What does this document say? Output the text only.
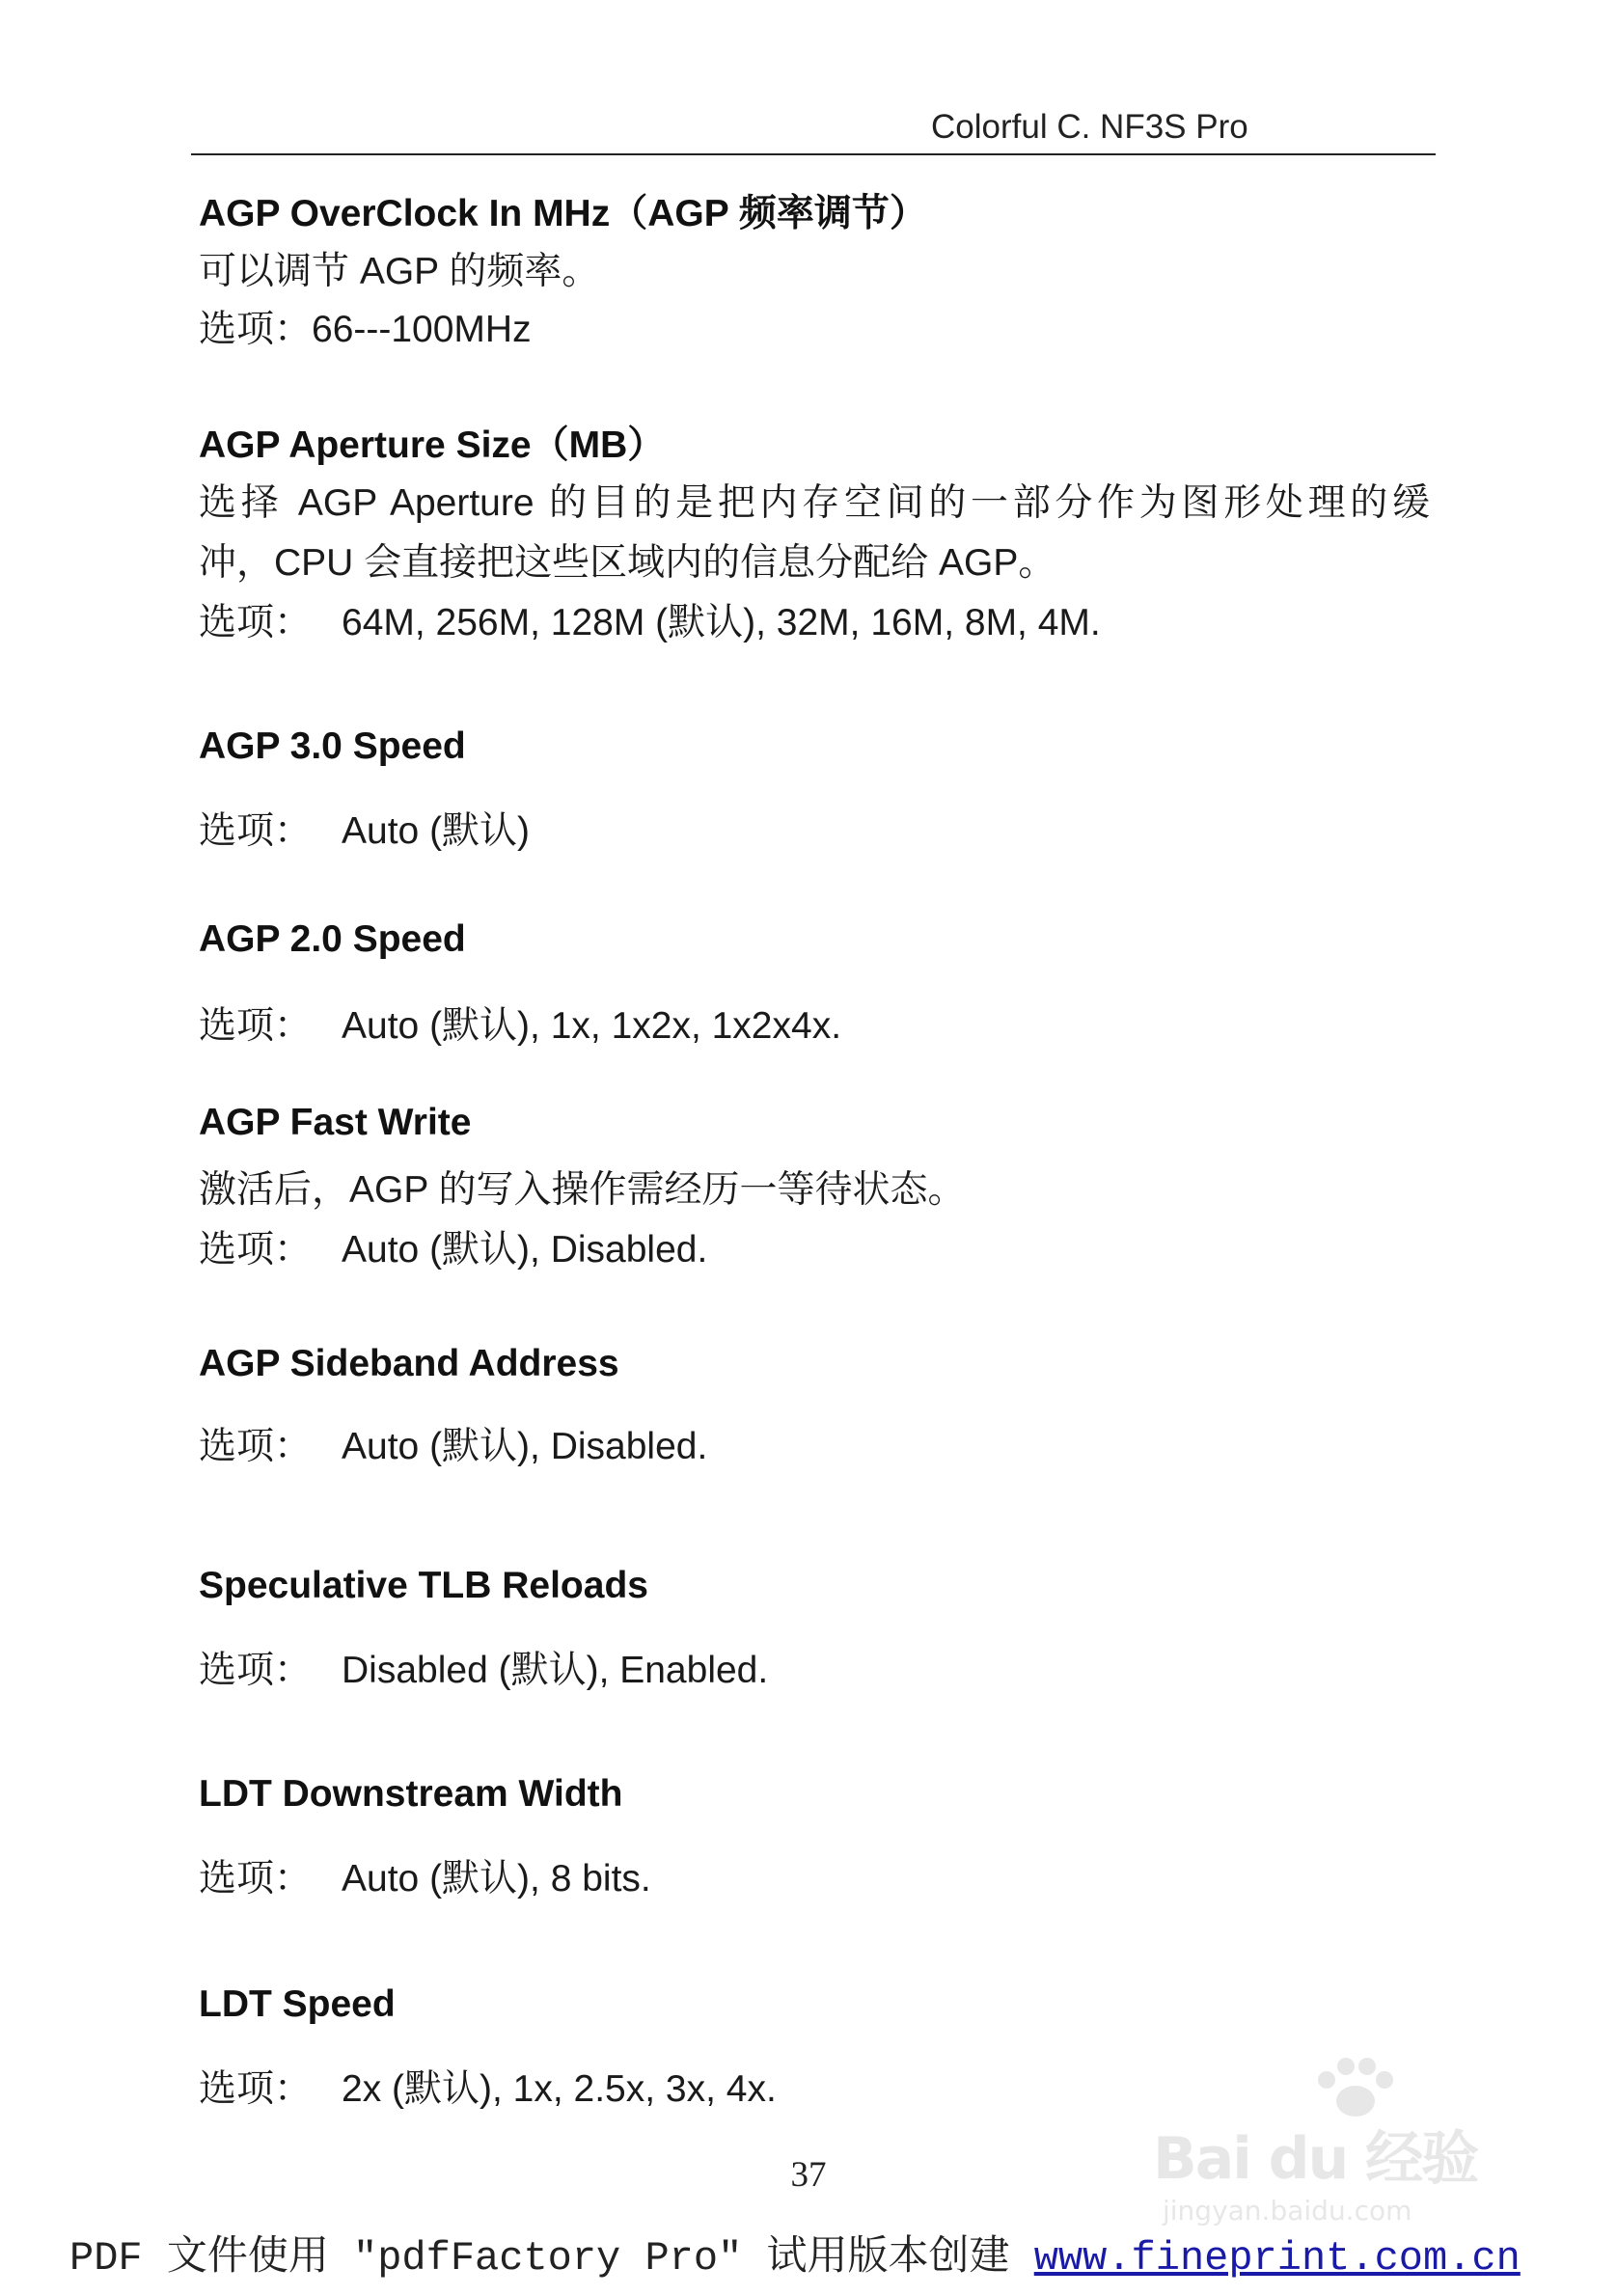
Colorful C. NF3S Pro
AGP OverClock In MHz（AGP 频率调节）
可以调节 AGP 的频率。
选项：66---100MHz
AGP Aperture Size（MB）
选择 AGP Aperture 的目的是把内存空间的一部分作为图形处理的缓
冲，CPU 会直接把这些区域内的信息分配给 AGP。
选项： 64M, 256M, 128M (默认), 32M, 16M, 8M, 4M.
AGP 3.0 Speed
选项： Auto (默认)
AGP 2.0 Speed
选项： Auto (默认), 1x, 1x2x, 1x2x4x.
AGP Fast Write
激活后，AGP 的写入操作需经历一等待状态。
选项： Auto (默认), Disabled.
AGP Sideband Address
选项： Auto (默认), Disabled.
Speculative TLB Reloads
选项： Disabled (默认), Enabled.
LDT Downstream Width
选项： Auto (默认), 8 bits.
LDT Speed
选项： 2x (默认), 1x, 2.5x, 3x, 4x.
Bai du 经验
jingyan.baidu.com
37
PDF 文件使用 "pdfFactory Pro" 试用版本创建 www.fineprint.com.cn
